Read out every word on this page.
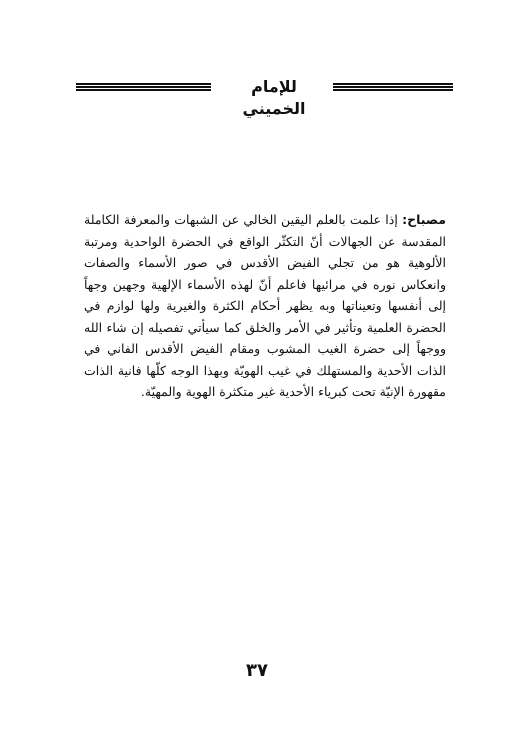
للإمام الخميني
مصباح: إذا علمت بالعلم اليقين الخالي عن الشبهات والمعرفة الكاملة المقدسة عن الجهالات أنّ التكثّر الواقع في الحضرة الواحدية ومرتبة الألوهية هو من تجلي الفيض الأقدس في صور الأسماء والصفات وانعكاس نوره في مرائيها فاعلم أنّ لهذه الأسماء الإلهية وجهين وجهاً إلى أنفسها وتعيناتها وبه يظهر أحكام الكثرة والغيرية ولها لوازم في الحضرة العلمية وتأثير في الأمر والخلق كما سيأتي تفصيله إن شاء الله ووجهاً إلى حضرة الغيب المشوب ومقام الفيض الأقدس الفاني في الذات الأحدية والمستهلك في غيب الهويّة وبهذا الوجه كلّها فانية الذات مقهورة الإنيّة تحت كبرياء الأحدية غير متكثرة الهوية والمهيّة.
٣٧
